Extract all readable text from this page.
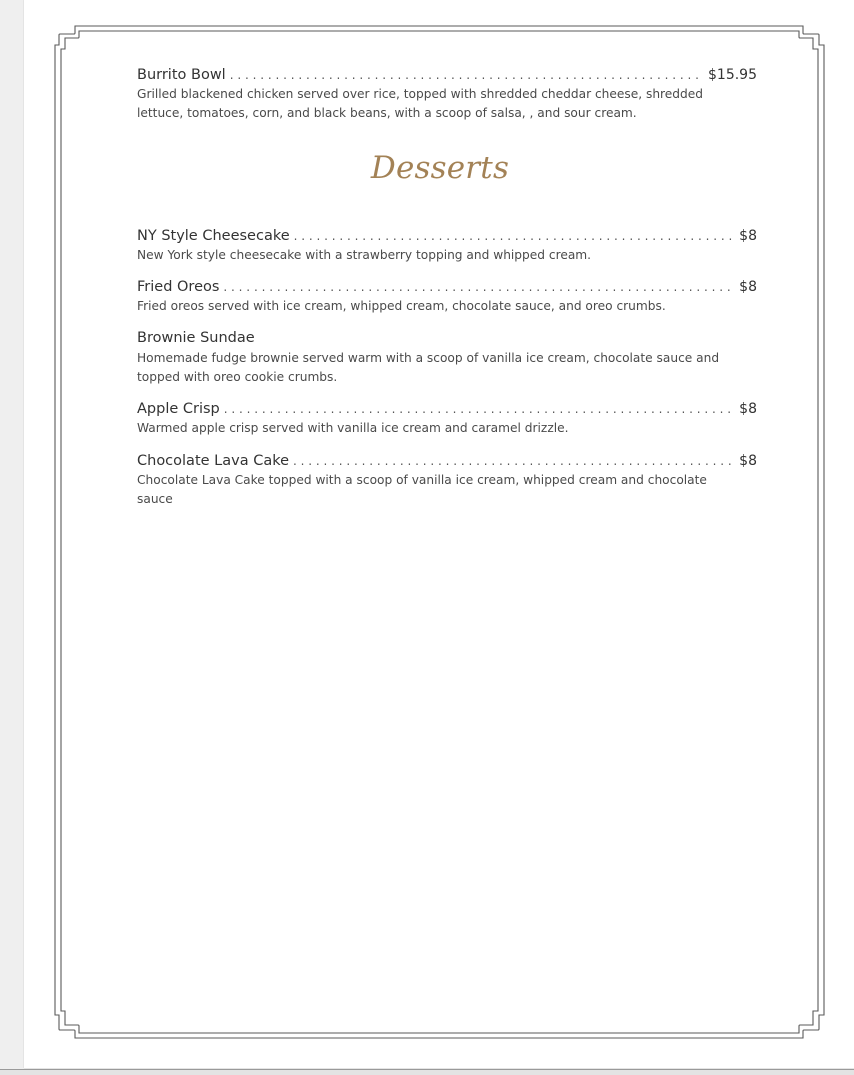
Burrito Bowl . . .	$15.95
Grilled blackened chicken served over rice, topped with shredded cheddar cheese, shredded lettuce, tomatoes, corn, and black beans, with a scoop of salsa, , and sour cream.
Desserts
NY Style Cheesecake . . .	$8
New York style cheesecake with a strawberry topping and whipped cream.
Fried Oreos . . .	$8
Fried oreos served with ice cream, whipped cream, chocolate sauce, and oreo crumbs.
Brownie Sundae
Homemade fudge brownie served warm with a scoop of vanilla ice cream, chocolate sauce and topped with oreo cookie crumbs.
Apple Crisp . . .	$8
Warmed apple crisp served with vanilla ice cream and caramel drizzle.
Chocolate Lava Cake . . .	$8
Chocolate Lava Cake topped with a scoop of vanilla ice cream, whipped cream and chocolate sauce
